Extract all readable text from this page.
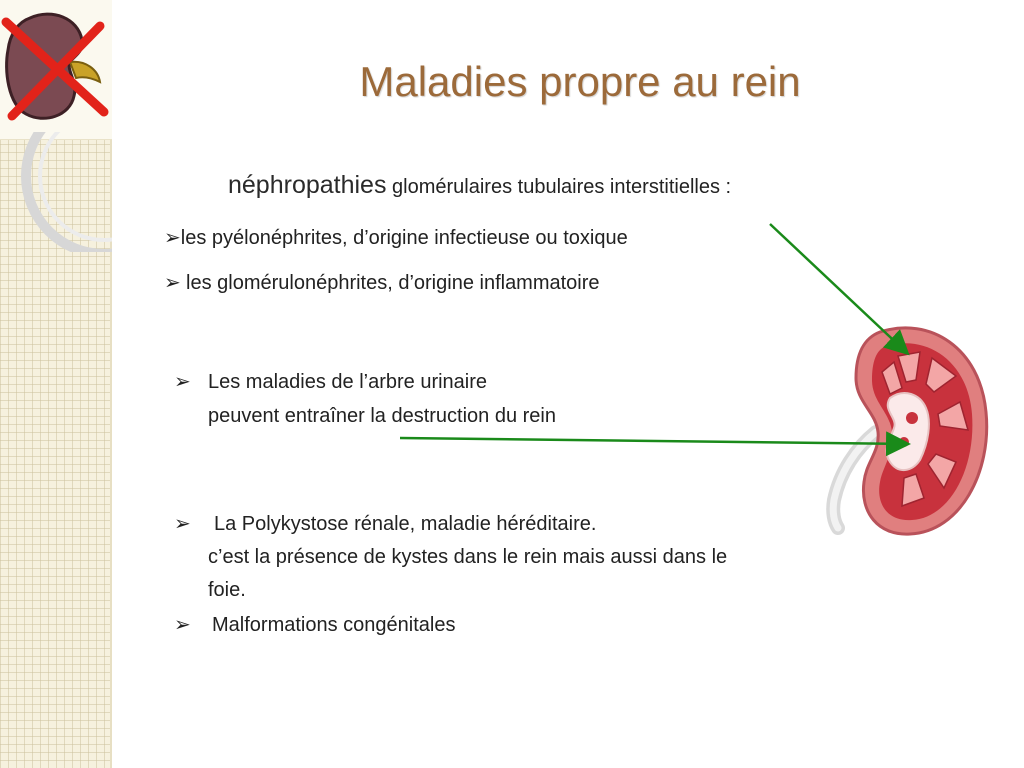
Maladies propre au rein
néphropathies glomérulaires tubulaires interstitielles :
➢les pyélonéphrites, d’origine infectieuse ou toxique
➢ les glomérulonéphrites, d’origine inflammatoire
➢ Les maladies de l’arbre urinaire
peuvent entraîner la destruction du rein
➢ La Polykystose rénale, maladie héréditaire.
c’est la présence de kystes dans le rein mais aussi dans le
foie.
➢ Malformations congénitales
